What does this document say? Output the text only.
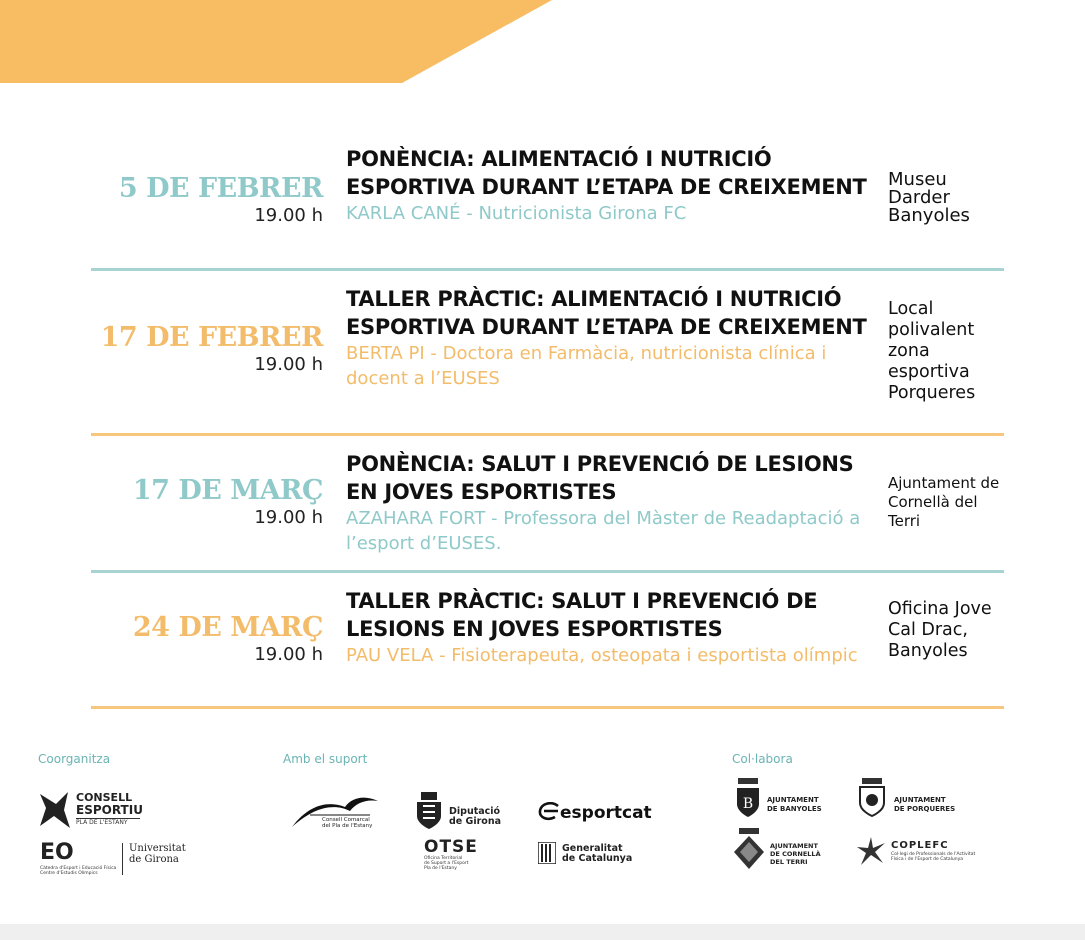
5 DE FEBRER
19.00 h
PONÈNCIA: ALIMENTACIÓ I NUTRICIÓ ESPORTIVA DURANT L’ETAPA DE CREIXEMENT
KARLA CANÉ - Nutricionista Girona FC
Museu Darder Banyoles
17 DE FEBRER
19.00 h
TALLER PRÀCTIC: ALIMENTACIÓ I NUTRICIÓ ESPORTIVA DURANT L’ETAPA DE CREIXEMENT
BERTA PI - Doctora en Farmàcia, nutricionista clínica i docent a l’EUSES
Local polivalent zona esportiva Porqueres
17 DE MARÇ
19.00 h
PONÈNCIA: SALUT I PREVENCIÓ DE LESIONS EN JOVES ESPORTISTES
AZAHARA FORT - Professora del Màster de Readaptació a l’esport d’EUSES.
Ajuntament de Cornellà del Terri
24 DE MARÇ
19.00 h
TALLER PRÀCTIC: SALUT I PREVENCIÓ DE LESIONS EN JOVES ESPORTISTES
PAU VELA - Fisioterapeuta, osteopata i esportista olímpic
Oficina Jove Cal Drac, Banyoles
Coorganitza	Amb el suport	Col·labora
CONSELL
ESPORTIU
PLA DE L'ESTANY
EO
Càtedra d'Esport i Educació Física
Centre d'Estudis Olímpics
Universitat
de Girona
Consell Comarcal
del Pla de l'Estany
Diputació
de Girona
OTSE
Oficina Territorial
de Suport a l'Esport
Pla de l'Estany
esportcat
Generalitat
de Catalunya
B AJUNTAMENT
DE BANYOLES
AJUNTAMENT
DE PORQUERES
AJUNTAMENT
DE CORNELLÀ
DEL TERRI
COPLEFC
Col·legi de Professionals de l'Activitat
Física i de l'Esport de Catalunya
